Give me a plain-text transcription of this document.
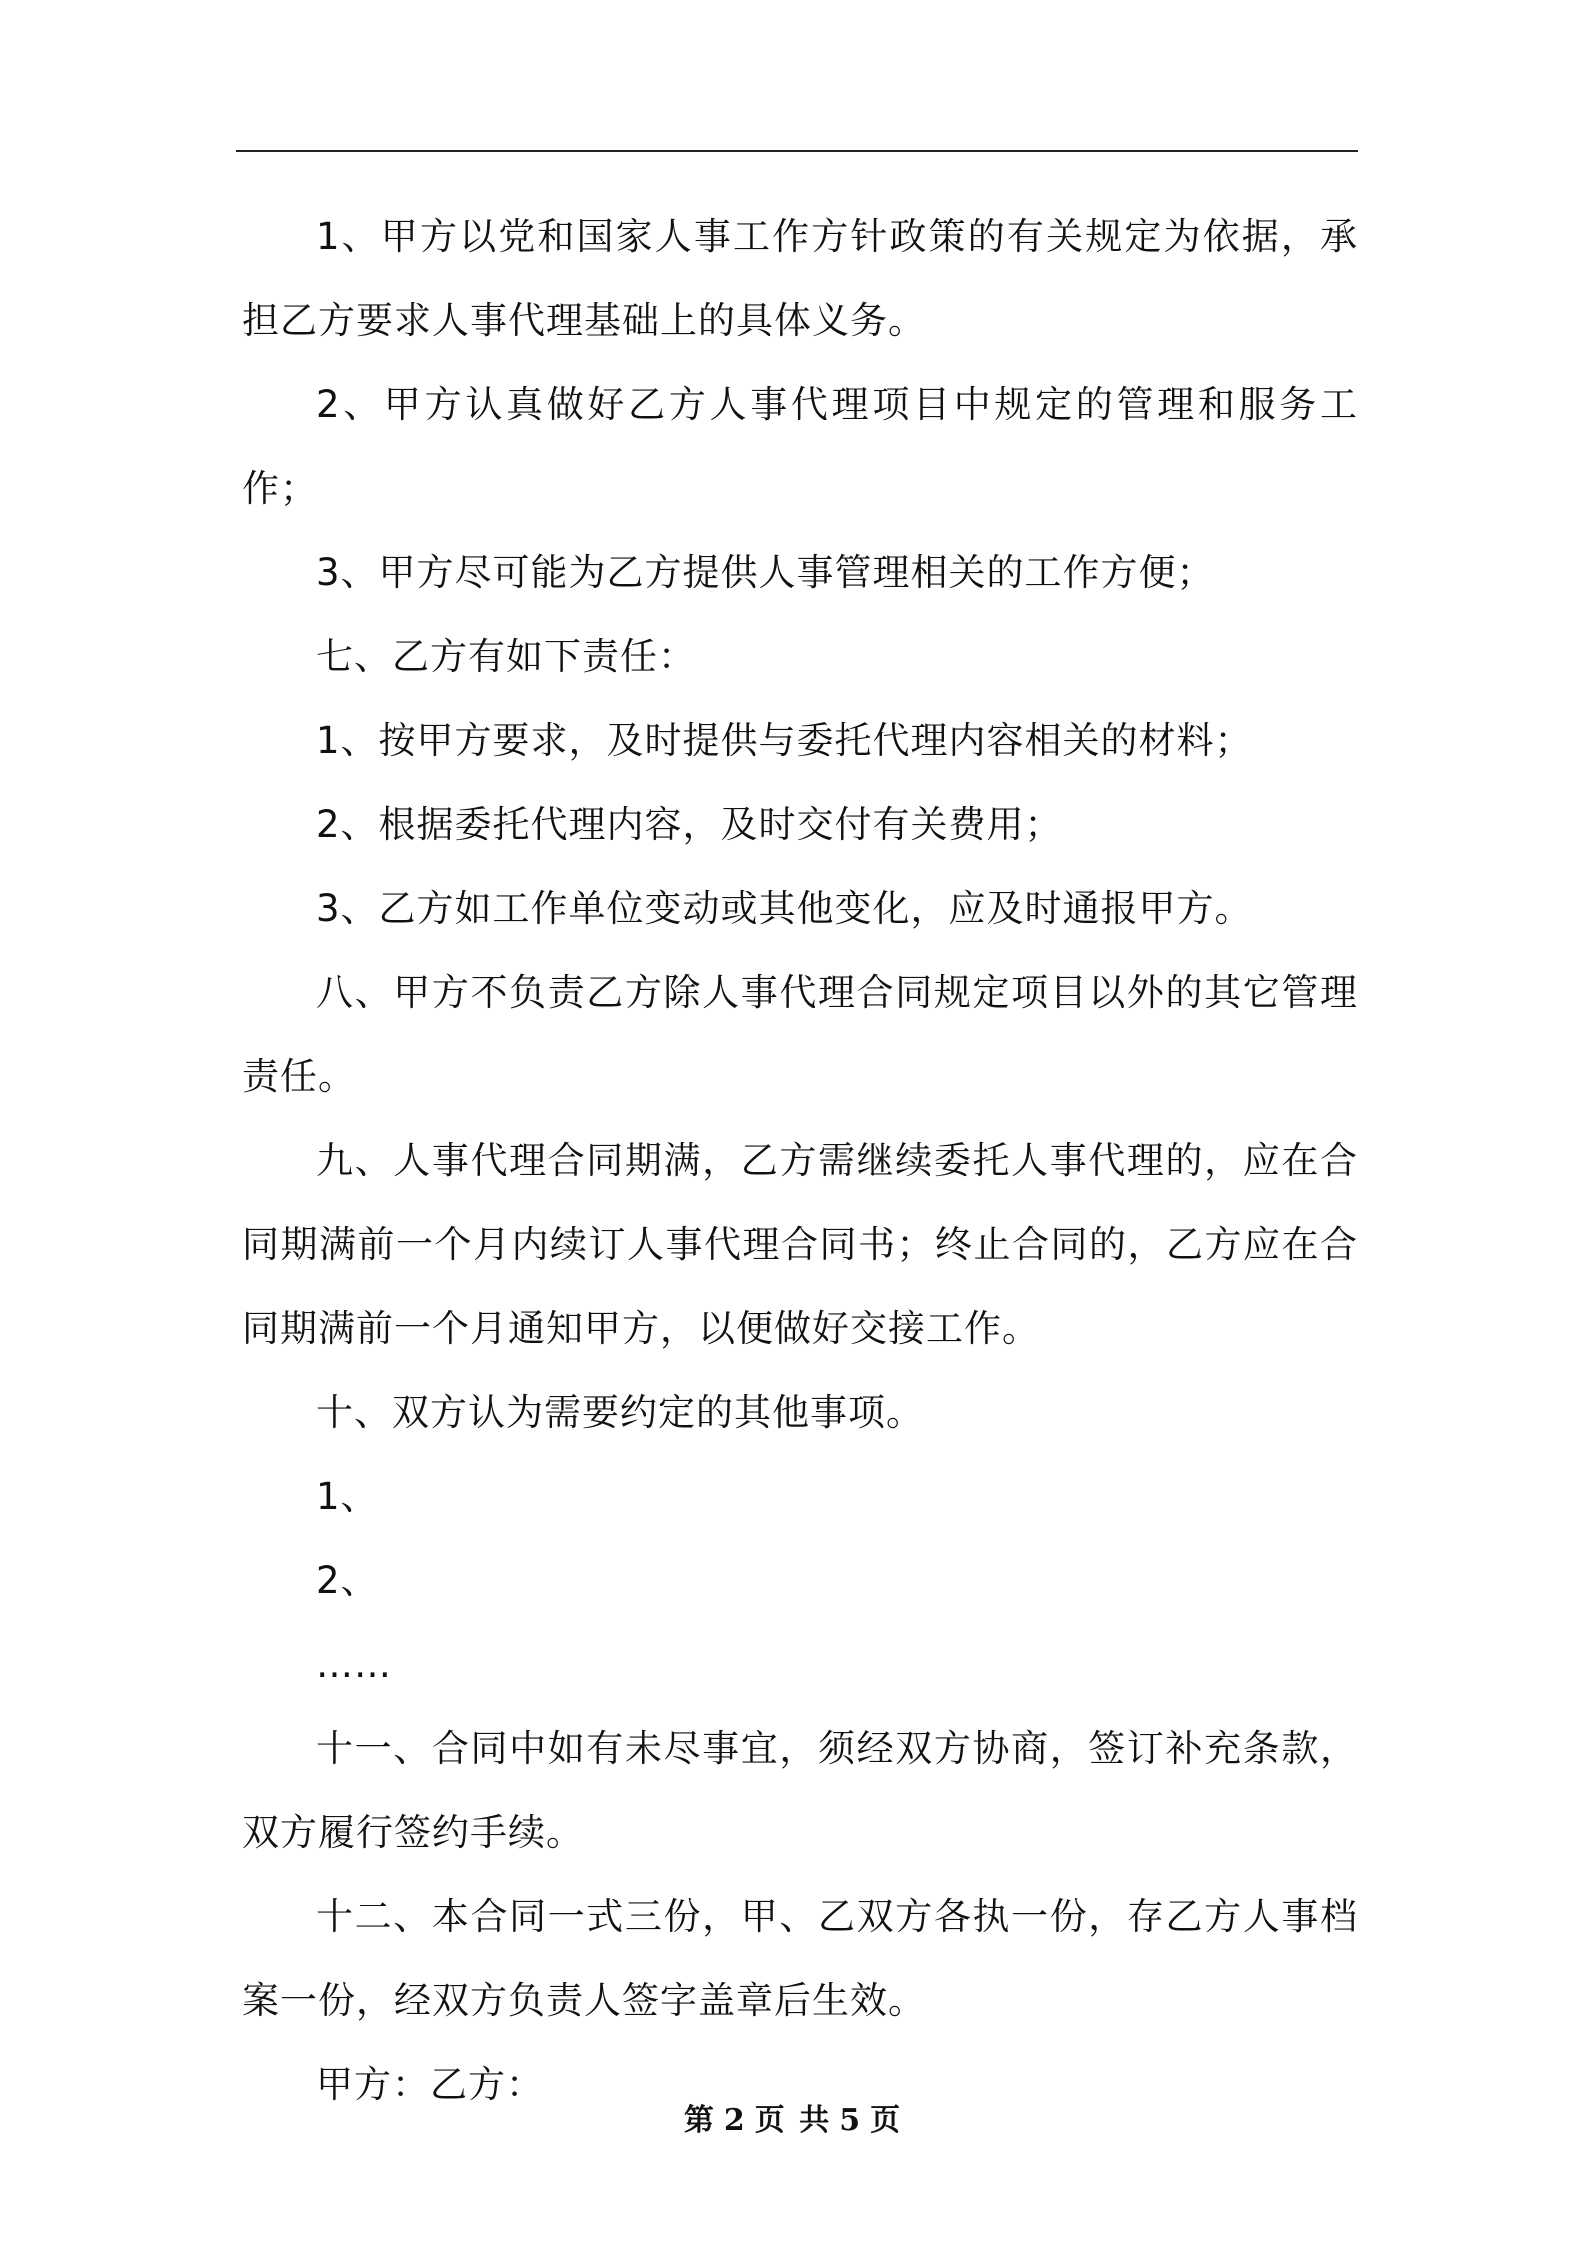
1、甲方以党和国家人事工作方针政策的有关规定为依据，承担乙方要求人事代理基础上的具体义务。

2、甲方认真做好乙方人事代理项目中规定的管理和服务工作；

3、甲方尽可能为乙方提供人事管理相关的工作方便；

七、乙方有如下责任：

1、按甲方要求，及时提供与委托代理内容相关的材料；

2、根据委托代理内容，及时交付有关费用；

3、乙方如工作单位变动或其他变化，应及时通报甲方。

八、甲方不负责乙方除人事代理合同规定项目以外的其它管理责任。

九、人事代理合同期满，乙方需继续委托人事代理的，应在合同期满前一个月内续订人事代理合同书；终止合同的，乙方应在合同期满前一个月通知甲方，以便做好交接工作。

十、双方认为需要约定的其他事项。

1、

2、

……

十一、合同中如有未尽事宜，须经双方协商，签订补充条款，双方履行签约手续。

十二、本合同一式三份，甲、乙双方各执一份，存乙方人事档案一份，经双方负责人签字盖章后生效。

甲方：乙方：

第 2 页 共 5 页
